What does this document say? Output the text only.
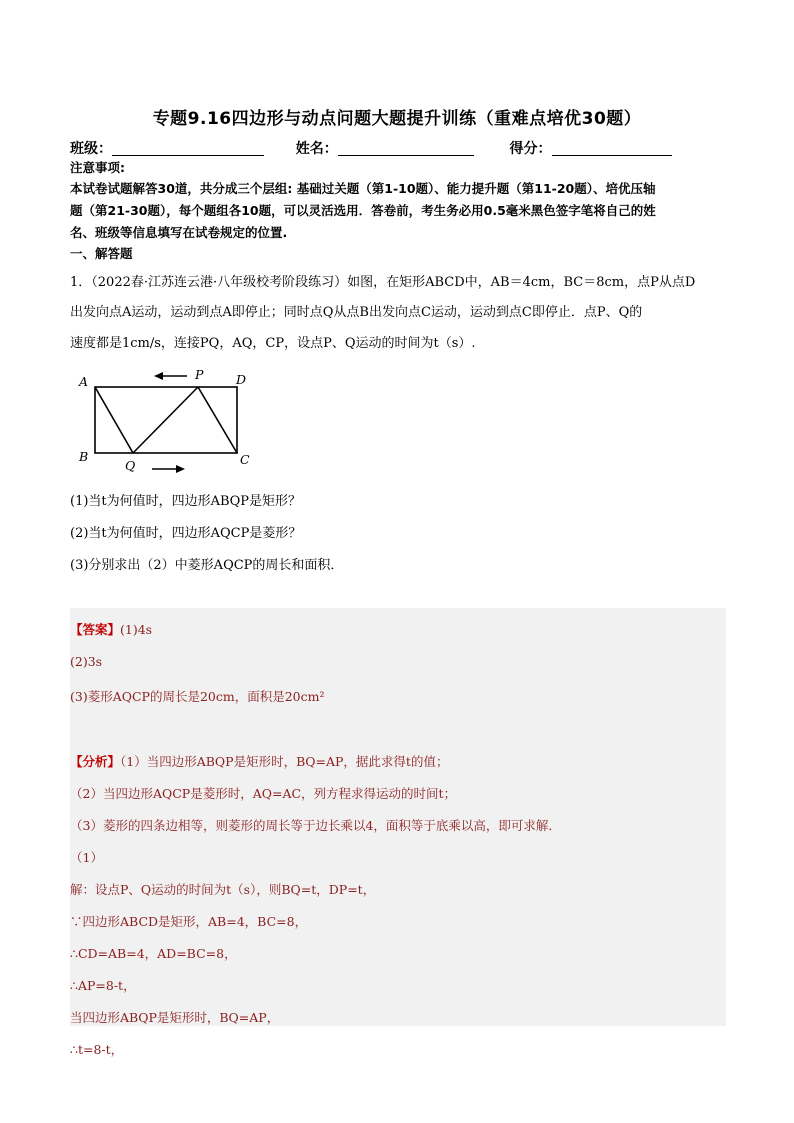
专题9.16四边形与动点问题大题提升训练（重难点培优30题）
班级：	姓名：	得分：
注意事项:
本试卷试题解答30道，共分成三个层组: 基础过关题（第1-10题）、能力提升题（第11-20题）、培优压轴
题（第21-30题），每个题组各10题，可以灵活选用．答卷前，考生务必用0.5毫米黑色签字笔将自己的姓
名、班级等信息填写在试卷规定的位置.
一、解答题
1．（2022春·江苏连云港·八年级校考阶段练习）如图，在矩形ABCD中，AB＝4cm，BC＝8cm，点P从点D
出发向点A运动，运动到点A即停止；同时点Q从点B出发向点C运动，运动到点C即停止．点P、Q的
速度都是1cm/s，连接PQ，AQ，CP，设点P、Q运动的时间为t（s）.
A	P	D
B
Q	C
(1)当t为何值时，四边形ABQP是矩形？
(2)当t为何值时，四边形AQCP是菱形？
(3)分别求出（2）中菱形AQCP的周长和面积．
【答案】(1)4s
(2)3s
(3)菱形AQCP的周长是20cm，面积是20cm²
【分析】（1）当四边形ABQP是矩形时，BQ=AP，据此求得t的值；
（2）当四边形AQCP是菱形时，AQ=AC，列方程求得运动的时间t；
（3）菱形的四条边相等，则菱形的周长等于边长乘以4，面积等于底乘以高，即可求解．
（1）
解：设点P、Q运动的时间为t（s），则BQ=t，DP=t，
∵四边形ABCD是矩形，AB=4，BC=8，
∴CD=AB=4，AD=BC=8，
∴AP=8-t，
当四边形ABQP是矩形时，BQ=AP，
∴t=8-t，
